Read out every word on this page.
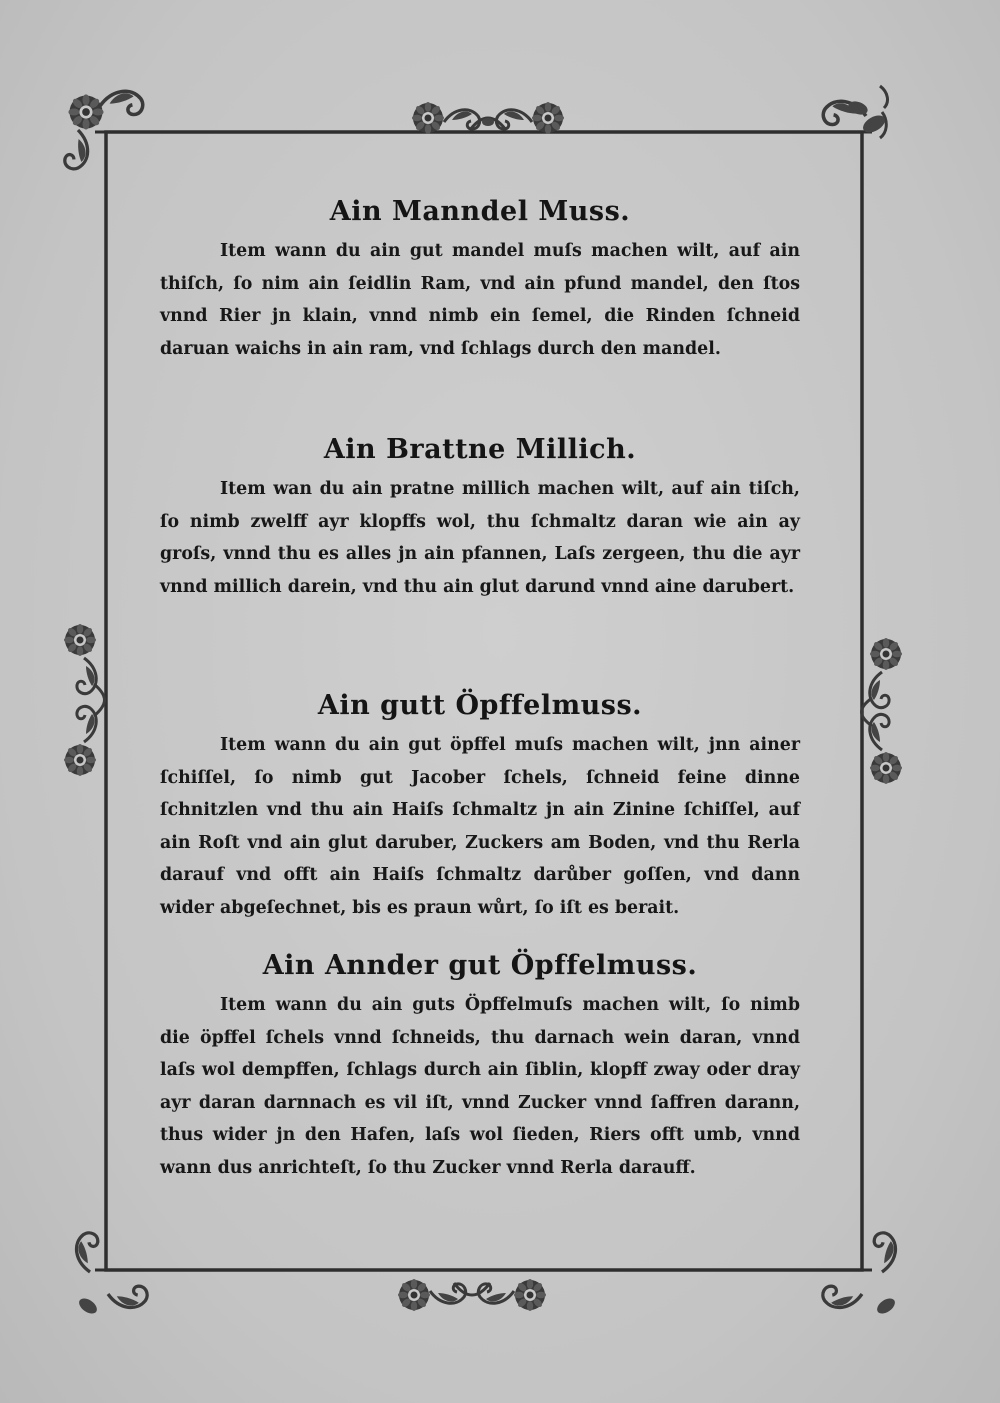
Ain Manndel Muss.

Item wann du ain gut mandel muſs machen wilt, auf ain thiſch, ſo nim ain ſeidlin Ram, vnd ain pfund mandel, den ſtos vnnd Rier jn klain, vnnd nimb ein ſemel, die Rinden ſchneid daruan waichs in ain ram, vnd ſchlags durch den mandel.

Ain Brattne Millich.

Item wan du ain pratne millich machen wilt, auf ain tiſch, ſo nimb zwelff ayr klopffs wol, thu ſchmaltz daran wie ain ay groſs, vnnd thu es alles jn ain pfannen, Laſs zergeen, thu die ayr vnnd millich darein, vnd thu ain glut darund vnnd aine darubert.

Ain gutt Öpffelmuss.

Item wann du ain gut öpffel muſs machen wilt, jnn ainer ſchiſſel, ſo nimb gut Jacober ſchels, ſchneid feine dinne ſchnitzlen vnd thu ain Haiſs ſchmaltz jn ain Zinine ſchiſſel, auf ain Roſt vnd ain glut daruber, Zuckers am Boden, vnd thu Rerla darauf vnd offt ain Haiſs ſchmaltz darůber goſſen, vnd dann wider abgeſechnet, bis es praun wůrt, ſo iſt es berait.

Ain Annder gut Öpffelmuss.

Item wann du ain guts Öpffelmuſs machen wilt, ſo nimb die öpffel ſchels vnnd ſchneids, thu darnach wein daran, vnnd laſs wol dempffen, ſchlags durch ain ſiblin, klopff zway oder dray ayr daran darnnach es vil iſt, vnnd Zucker vnnd ſaffren darann, thus wider jn den Hafen, laſs wol ſieden, Riers offt umb, vnnd wann dus anrichteſt, ſo thu Zucker vnnd Rerla darauff.
